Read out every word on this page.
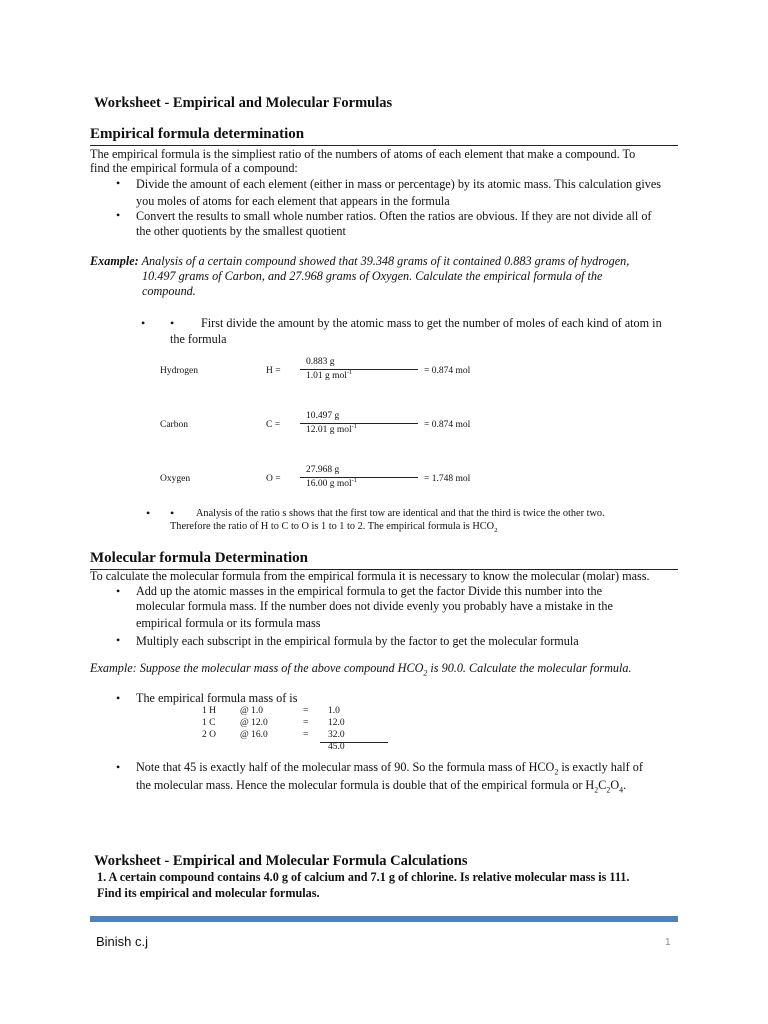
Worksheet - Empirical and Molecular Formulas
Empirical formula determination
The empirical formula is the simpliest ratio of the numbers of atoms of each element that make a compound. To
find the empirical formula of a compound:
• Divide the amount of each element (either in mass or percentage) by its atomic mass. This calculation gives
you moles of atoms for each element that appears in the formula
• Convert the results to small whole number ratios. Often the ratios are obvious. If they are not divide all of
the other quotients by the smallest quotient
Example: Analysis of a certain compound showed that 39.348 grams of it contained 0.883 grams of hydrogen,
10.497 grams of Carbon, and 27.968 grams of Oxygen. Calculate the empirical formula of the
compound.
• • First divide the amount by the atomic mass to get the number of moles of each kind of atom in
the formula
Hydrogen	H =
0.883 g
1.01 g mol$^{-1}$	= 0.874 mol
Carbon	C =
10.497 g
12.01 g mol$^{-1}$	= 0.874 mol
Oxygen	O =
27.968 g
16.00 g mol$^{-1}$	= 1.748 mol
• • Analysis of the ratio s shows that the first tow are identical and that the third is twice the other two.
Therefore the ratio of H to C to O is 1 to 1 to 2. The empirical formula is $HCO_2$
Molecular formula Determination
To calculate the molecular formula from the empirical formula it is necessary to know the molecular (molar) mass.
• Add up the atomic masses in the empirical formula to get the factor Divide this number into the
molecular formula mass. If the number does not divide evenly you probably have a mistake in the
empirical formula or its formula mass
• Multiply each subscript in the empirical formula by the factor to get the molecular formula
Example: Suppose the molecular mass of the above compound $HCO_2$ is 90.0. Calculate the molecular formula.
• The empirical formula mass of is
1 H	@ 1.0	= 1.0
1 C	@ 12.0	= 12.0
2 O	@ 16.0	= 32.0
45.0
• Note that 45 is exactly half of the molecular mass of 90. So the formula mass of $HCO_2$ is exactly half of
the molecular mass. Hence the molecular formula is double that of the empirical formula or $H_2C_2O_4$.
Worksheet - Empirical and Molecular Formula Calculations
1. A certain compound contains 4.0 g of calcium and 7.1 g of chlorine. Is relative molecular mass is 111.
Find its empirical and molecular formulas.
Binish c.j	1
